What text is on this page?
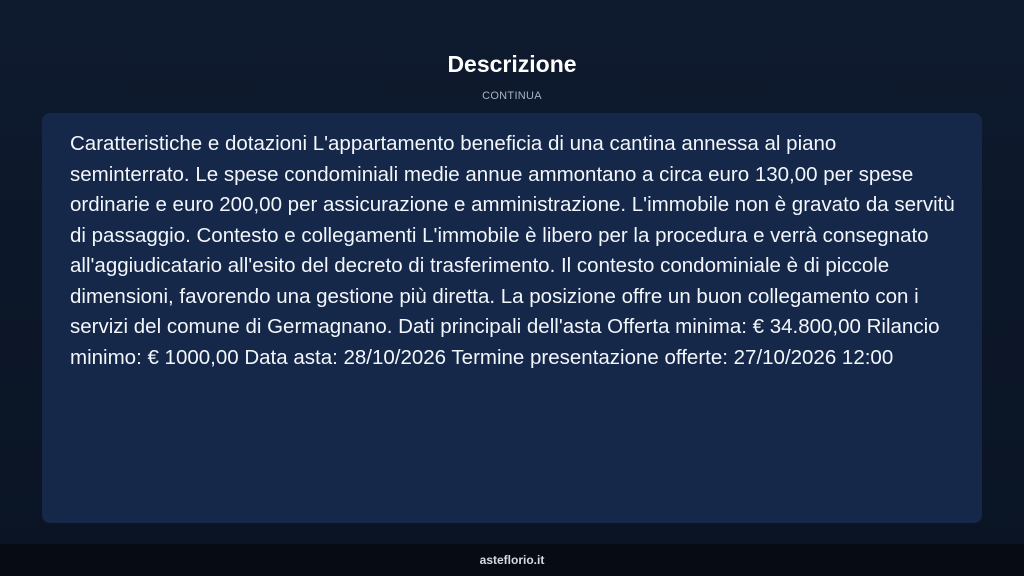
Descrizione
CONTINUA

Caratteristiche e dotazioni L'appartamento beneficia di una cantina annessa al piano seminterrato. Le spese condominiali medie annue ammontano a circa euro 130,00 per spese ordinarie e euro 200,00 per assicurazione e amministrazione. L'immobile non è gravato da servitù di passaggio. Contesto e collegamenti L'immobile è libero per la procedura e verrà consegnato all'aggiudicatario all'esito del decreto di trasferimento. Il contesto condominiale è di piccole dimensioni, favorendo una gestione più diretta. La posizione offre un buon collegamento con i servizi del comune di Germagnano. Dati principali dell'asta Offerta minima: € 34.800,00 Rilancio minimo: € 1000,00 Data asta: 28/10/2026 Termine presentazione offerte: 27/10/2026 12:00

asteflorio.it
